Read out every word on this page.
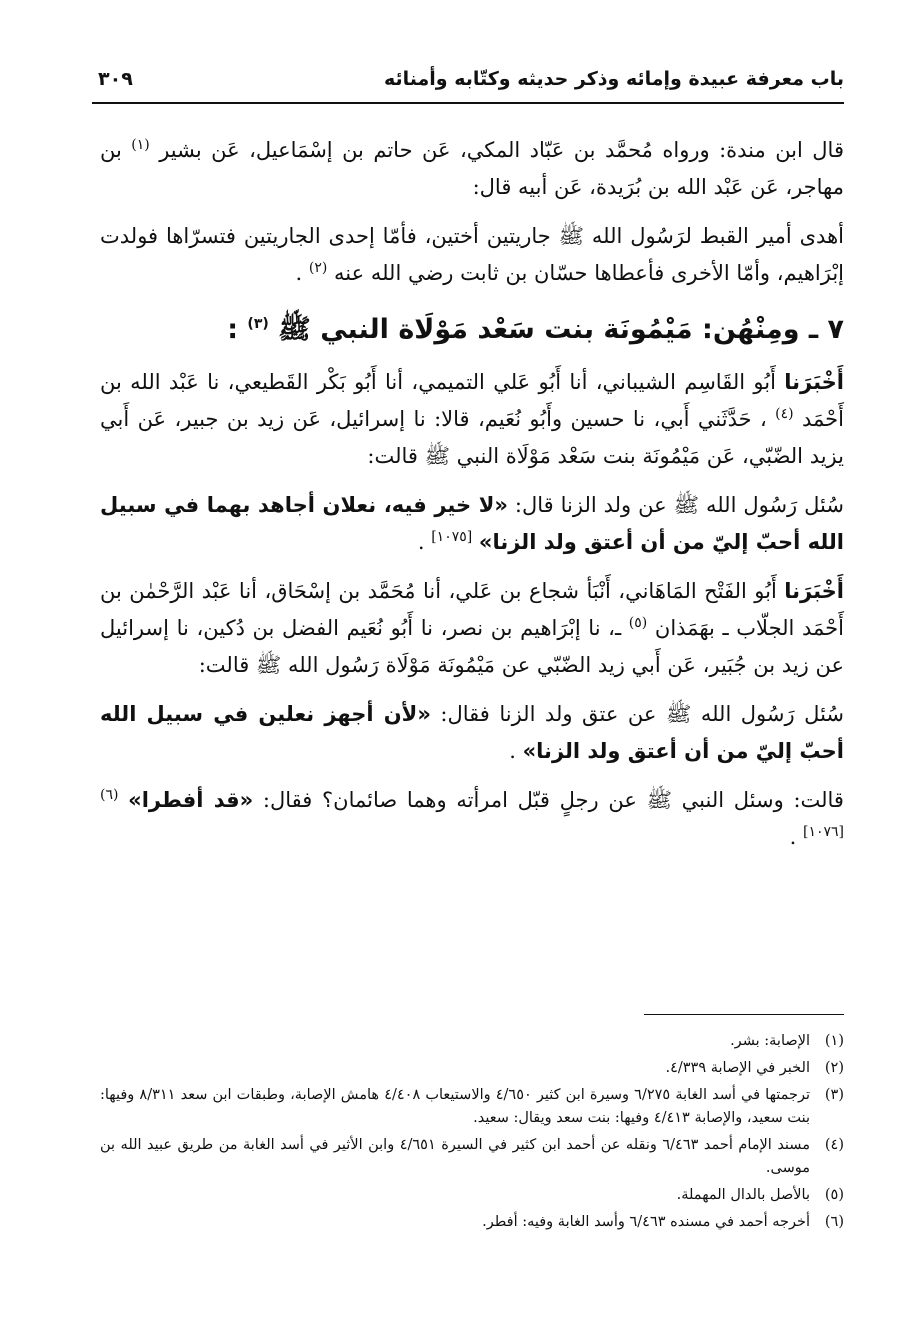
باب معرفة عبيدة وإمائه وذكر حديثه وكتّابه وأمنائه
٣٠٩

قال ابن مندة: ورواه مُحمَّد بن عَبّاد المكي، عَن حاتم بن إسْمَاعيل، عَن بشير $^{(١)}$ بن مهاجر، عَن عَبْد الله بن بُرَيدة، عَن أبيه قال:

أهدى أمير القبط لرَسُول الله ﷺ جاريتين أختين، فأمّا إحدى الجاريتين فتسرّاها فولدت إبْرَاهيم، وأمّا الأخرى فأعطاها حسّان بن ثابت رضي الله عنه $^{(٢)}$ .

٧ ـ ومِنْهُن: مَيْمُونَة بنت سَعْد مَوْلَاة النبي ﷺ $^{(٣)}$ :

أَخْبَرَنا أَبُو القَاسِم الشيباني، أنا أَبُو عَلي التميمي، أنا أَبُو بَكْر القَطيعي، نا عَبْد الله بن أَحْمَد $^{(٤)}$ ، حَدَّثَني أَبي، نا حسين وأَبُو نُعَيم، قالا: نا إسرائيل، عَن زيد بن جبير، عَن أَبي يزيد الضّبّي، عَن مَيْمُونَة بنت سَعْد مَوْلَاة النبي ﷺ قالت:

سُئل رَسُول الله ﷺ عن ولد الزنا قال: «لا خير فيه، نعلان أجاهد بهما في سبيل الله أحبّ إليّ من أن أعتق ولد الزنا» [١٠٧٥] .

أَخْبَرَنا أَبُو الفَتْح المَاهَاني، أَنْبَأ شجاع بن عَلي، أنا مُحَمَّد بن إسْحَاق، أنا عَبْد الرَّحْمٰن بن أَحْمَد الجلّاب ـ بهَمَذان $^{(٥)}$ ـ، نا إبْرَاهيم بن نصر، نا أَبُو نُعَيم الفضل بن دُكين، نا إسرائيل عن زيد بن جُبَير، عَن أَبي زيد الضّبّي عن مَيْمُونَة مَوْلَاة رَسُول الله ﷺ قالت:

سُئل رَسُول الله ﷺ عن عتق ولد الزنا فقال: «لأن أجهز نعلين في سبيل الله أحبّ إليّ من أن أعتق ولد الزنا» .

قالت: وسئل النبي ﷺ عن رجلٍ قبّل امرأته وهما صائمان؟ فقال: «قد أفطرا» $^{(٦)[١٠٧٦]}$ .

(١)
الإصابة: بشر.
(٢)
الخبر في الإصابة ٤/٣٣٩.
(٣)
ترجمتها في أسد الغابة ٦/٢٧٥ وسيرة ابن كثير ٤/٦٥٠ والاستيعاب ٤/٤٠٨ هامش الإصابة، وطبقات ابن سعد ٨/٣١١ وفيها: بنت سعيد، والإصابة ٤/٤١٣ وفيها: بنت سعد ويقال: سعيد.
(٤)
مسند الإمام أحمد ٦/٤٦٣ ونقله عن أحمد ابن كثير في السيرة ٤/٦٥١ وابن الأثير في أسد الغابة من طريق عبيد الله بن موسى.
(٥)
بالأصل بالدال المهملة.
(٦)
أخرجه أحمد في مسنده ٦/٤٦٣ وأسد الغابة وفيه: أفطر.
